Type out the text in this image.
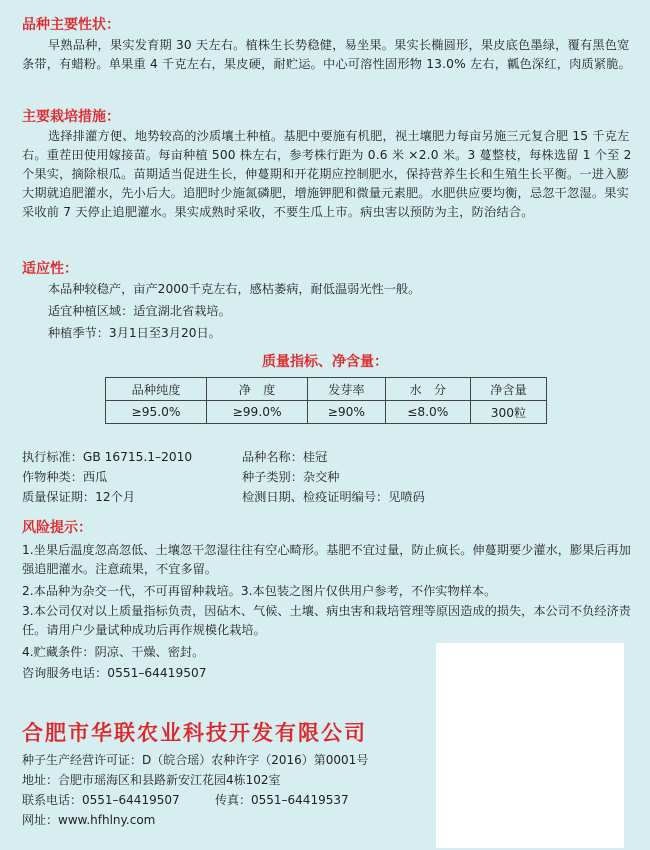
品种主要性状：

早熟品种，果实发育期 30 天左右。植株生长势稳健，易坐果。果实长椭圆形，果皮底色墨绿，覆有黑色宽条带，有蜡粉。单果重 4 千克左右，果皮硬，耐贮运。中心可溶性固形物 13.0% 左右，瓤色深红，肉质紧脆。

主要栽培措施：

选择排灌方便、地势较高的沙质壤土种植。基肥中要施有机肥，视土壤肥力每亩另施三元复合肥 15 千克左右。重茬田使用嫁接苗。每亩种植 500 株左右，参考株行距为 0.6 米 ×2.0 米。3 蔓整枝，每株选留 1 个至 2 个果实，摘除根瓜。苗期适当促进生长，伸蔓期和开花期应控制肥水，保持营养生长和生殖生长平衡。一进入膨大期就追肥灌水，先小后大。追肥时少施氮磷肥，增施钾肥和微量元素肥。水肥供应要均衡，忌忽干忽湿。果实采收前 7 天停止追肥灌水。果实成熟时采收，不要生瓜上市。病虫害以预防为主，防治结合。

适应性：
本品种较稳产，亩产2000千克左右，感枯萎病，耐低温弱光性一般。
适宜种植区域：适宜湖北省栽培。
种植季节：3月1日至3月20日。
质量指标、净含量：
品种纯度	净　度	发芽率	水　分	净含量
≥95.0%	≥99.0%	≥90%	≤8.0%	300粒
执行标准：GB 16715.1–2010	品种名称：桂冠
作物种类：西瓜	种子类别：杂交种
质量保证期：12个月	检测日期、检疫证明编号：见喷码
风险提示：

1.坐果后温度忽高忽低、土壤忽干忽湿往往有空心畸形。基肥不宜过量，防止疯长。伸蔓期要少灌水，膨果后再加强追肥灌水。注意疏果，不宜多留。

2.本品种为杂交一代，不可再留种栽培。3.本包装之图片仅供用户参考，不作实物样本。

3.本公司仅对以上质量指标负责，因砧木、气候、土壤、病虫害和栽培管理等原因造成的损失，本公司不负经济责任。请用户少量试种成功后再作规模化栽培。

4.贮藏条件：阴凉、干燥、密封。

咨询服务电话：0551–64419507

合肥市华联农业科技开发有限公司
种子生产经营许可证：D（皖合瑶）农种许字（2016）第0001号
地址：合肥市瑶海区和县路新安江花园4栋102室
联系电话：0551–64419507	传真：0551–64419537
网址：www.hfhlny.com
